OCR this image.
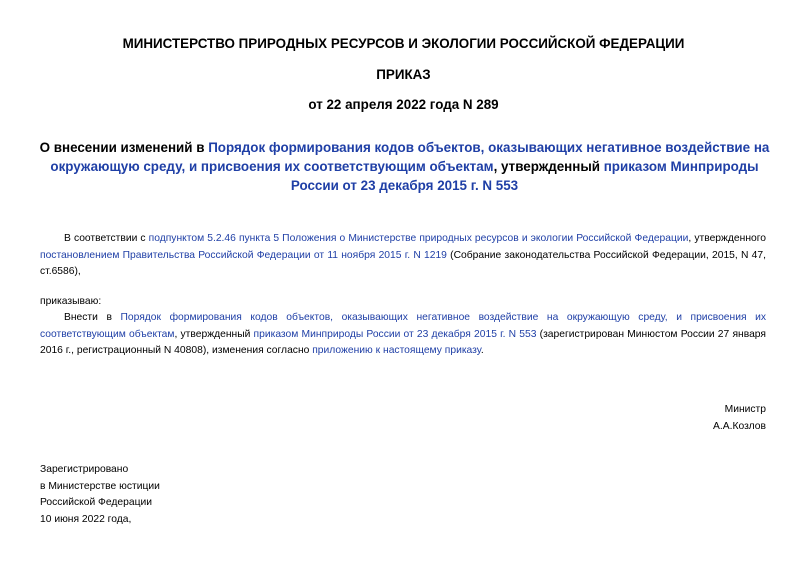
МИНИСТЕРСТВО ПРИРОДНЫХ РЕСУРСОВ И ЭКОЛОГИИ РОССИЙСКОЙ ФЕДЕРАЦИИ
ПРИКАЗ
от 22 апреля 2022 года N 289
О внесении изменений в Порядок формирования кодов объектов, оказывающих негативное воздействие на окружающую среду, и присвоения их соответствующим объектам, утвержденный приказом Минприроды России от 23 декабря 2015 г. N 553
В соответствии с подпунктом 5.2.46 пункта 5 Положения о Министерстве природных ресурсов и экологии Российской Федерации, утвержденного постановлением Правительства Российской Федерации от 11 ноября 2015 г. N 1219 (Собрание законодательства Российской Федерации, 2015, N 47, ст.6586),
приказываю:
Внести в Порядок формирования кодов объектов, оказывающих негативное воздействие на окружающую среду, и присвоения их соответствующим объектам, утвержденный приказом Минприроды России от 23 декабря 2015 г. N 553 (зарегистрирован Минюстом России 27 января 2016 г., регистрационный N 40808), изменения согласно приложению к настоящему приказу.
Министр
А.А.Козлов
Зарегистрировано
в Министерстве юстиции
Российской Федерации
10 июня 2022 года,
